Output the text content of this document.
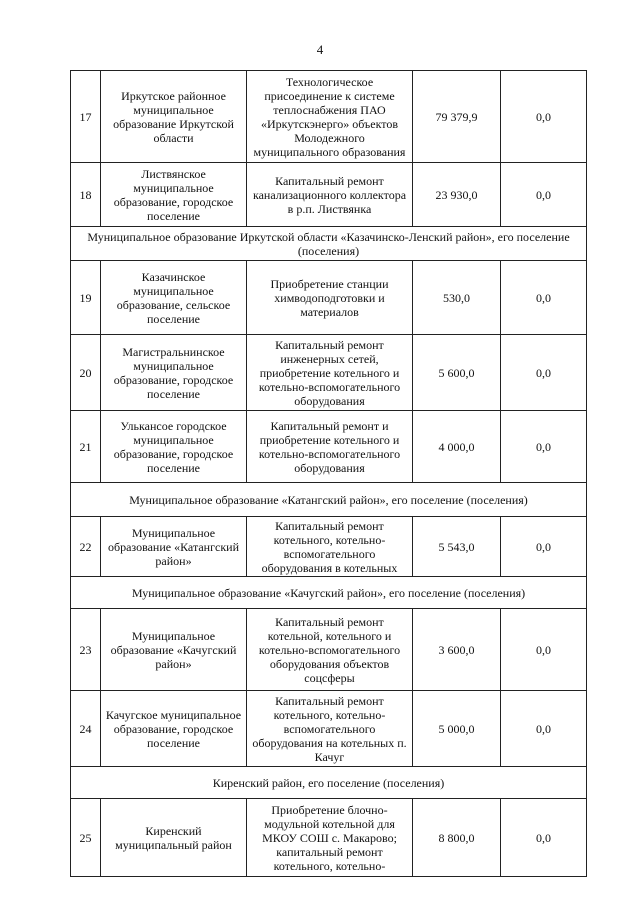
4
17	Иркутское районное муниципальное образование Иркутской области	Технологическое присоединение к системе теплоснабжения ПАО «Иркутскэнерго» объектов Молодежного муниципального образования	79 379,9	0,0
18	Листвянское муниципальное образование, городское поселение	Капитальный ремонт канализационного коллектора в р.п. Листвянка	23 930,0	0,0
Муниципальное образование Иркутской области «Казачинско-Ленский район», его поселение (поселения)				
19	Казачинское муниципальное образование, сельское поселение	Приобретение станции химводоподготовки и материалов	530,0	0,0
20	Магистральнинское муниципальное образование, городское поселение	Капитальный ремонт инженерных сетей, приобретение котельного и котельно-вспомогательного оборудования	5 600,0	0,0
21	Улькансое городское муниципальное образование, городское поселение	Капитальный ремонт и приобретение котельного и котельно-вспомогательного оборудования	4 000,0	0,0
Муниципальное образование «Катангский район», его поселение (поселения)				
22	Муниципальное образование «Катангский район»	Капитальный ремонт котельного, котельно-вспомогательного оборудования в котельных	5 543,0	0,0
Муниципальное образование «Качугский район», его поселение (поселения)				
23	Муниципальное образование «Качугский район»	Капитальный ремонт котельной, котельного и котельно-вспомогательного оборудования объектов соцсферы	3 600,0	0,0
24	Качугское муниципальное образование, городское поселение	Капитальный ремонт котельного, котельно-вспомогательного оборудования на котельных п. Качуг	5 000,0	0,0
Киренский район, его поселение (поселения)				
25	Киренский муниципальный район	Приобретение блочно-модульной котельной для МКОУ СОШ с. Макарово; капитальный ремонт котельного, котельно-	8 800,0	0,0
